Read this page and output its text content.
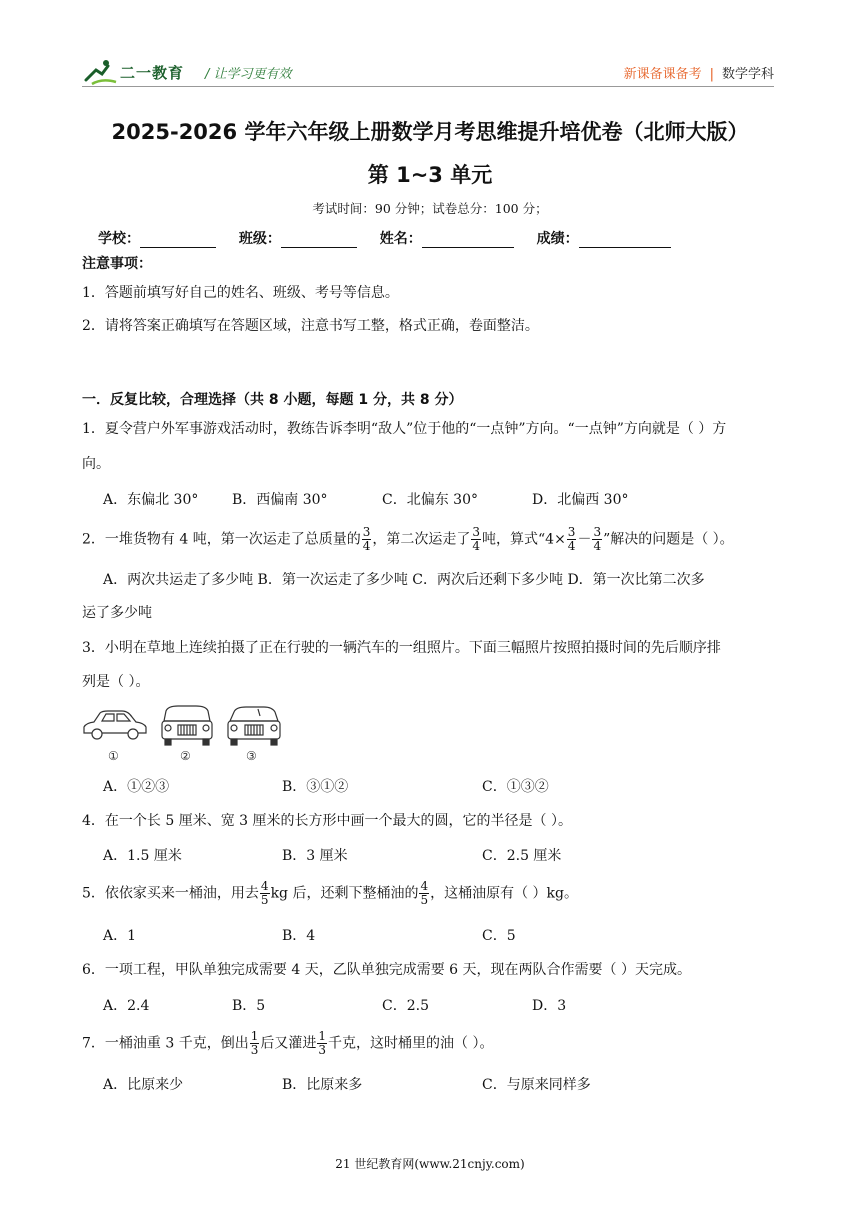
二一教育 / 让学习更有效	新课备课备考 | 数学学科
2025-2026 学年六年级上册数学月考思维提升培优卷（北师大版）
第 1~3 单元
考试时间：90 分钟；试卷总分：100 分；
学校：	班级：	姓名：	成绩：
注意事项：
1．答题前填写好自己的姓名、班级、考号等信息。
2．请将答案正确填写在答题区域，注意书写工整，格式正确，卷面整洁。
一．反复比较，合理选择（共 8 小题，每题 1 分，共 8 分）
1．夏令营户外军事游戏活动时，教练告诉李明“敌人”位于他的“一点钟”方向。“一点钟”方向就是（ ）方
向。
A．东偏北 30° B．西偏南 30°	C．北偏东 30°	D．北偏西 30°
2．一堆货物有 4 吨，第一次运走了总质量的 $\frac{3}{4}$ ，第二次运走了 $\frac{3}{4}$ 吨，算式“$4\times \frac{3}{4} - \frac{3}{4}$ ”解决的问题是（ ）。
A．两次共运走了多少吨 B．第一次运走了多少吨 C．两次后还剩下多少吨 D．第一次比第二次多
运了多少吨
3．小明在草地上连续拍摄了正在行驶的一辆汽车的一组照片。下面三幅照片按照拍摄时间的先后顺序排
列是（ ）。
①	②	③
A．①②③	B．③①②	C．①③②
4．在一个长 5 厘米、宽 3 厘米的长方形中画一个最大的圆，它的半径是（ ）。
A．1.5 厘米	B．3 厘米	C．2.5 厘米
5．依依家买来一桶油，用去 $\frac{4}{5}$ kg 后，还剩下整桶油的 $\frac{4}{5}$ ，这桶油原有（ ）kg。
A．1	B．4	C．5
6．一项工程，甲队单独完成需要 4 天，乙队单独完成需要 6 天，现在两队合作需要（ ）天完成。
A．2.4	B．5	C．2.5	D．3
7．一桶油重 3 千克，倒出 $\frac{1}{3}$ 后又灌进 $\frac{1}{3}$ 千克，这时桶里的油（ ）。
A．比原来少	B．比原来多	C．与原来同样多
21 世纪教育网(www.21cnjy.com)
